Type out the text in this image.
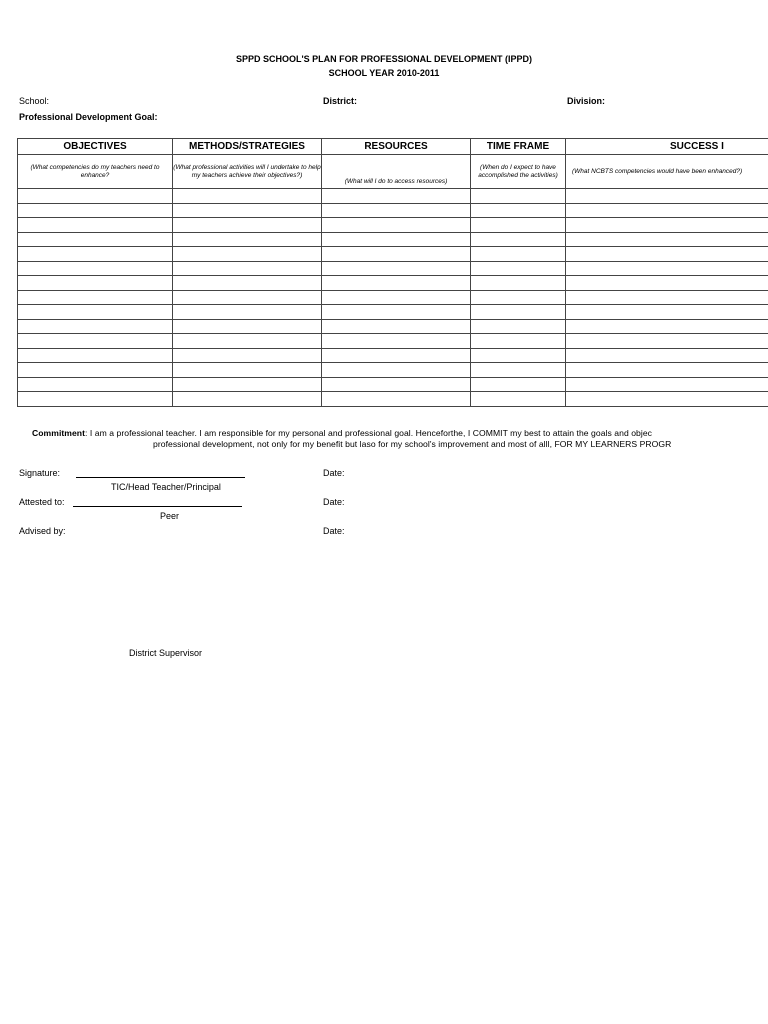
SPPD SCHOOL'S PLAN FOR PROFESSIONAL DEVELOPMENT (IPPD)
SCHOOL YEAR 2010-2011
School:	District:	Division:
Professional Development Goal:
OBJECTIVES	METHODS/STRATEGIES	RESOURCES	TIME FRAME	SUCCESS I
(What competencies do my teachers need to enhance?	(What professional activities will I undertake to help my teachers achieve their objectives?)	(What will I do to access resources)	(When do I expect to have accomplished the activities)	(What NCBTS competencies would have been enhanced?)

Commitment: I am a professional teacher. I am responsible for my personal and professional goal. Henceforthe, I COMMIT my best to attain the goals and objec
professional development, not only for my benefit but laso for my school's improvement and most of alll, FOR MY LEARNERS PROGR
Signature:	Date:
TIC/Head Teacher/Principal
Attested to:	Date:
Peer
Advised by:	Date:
District Supervisor
